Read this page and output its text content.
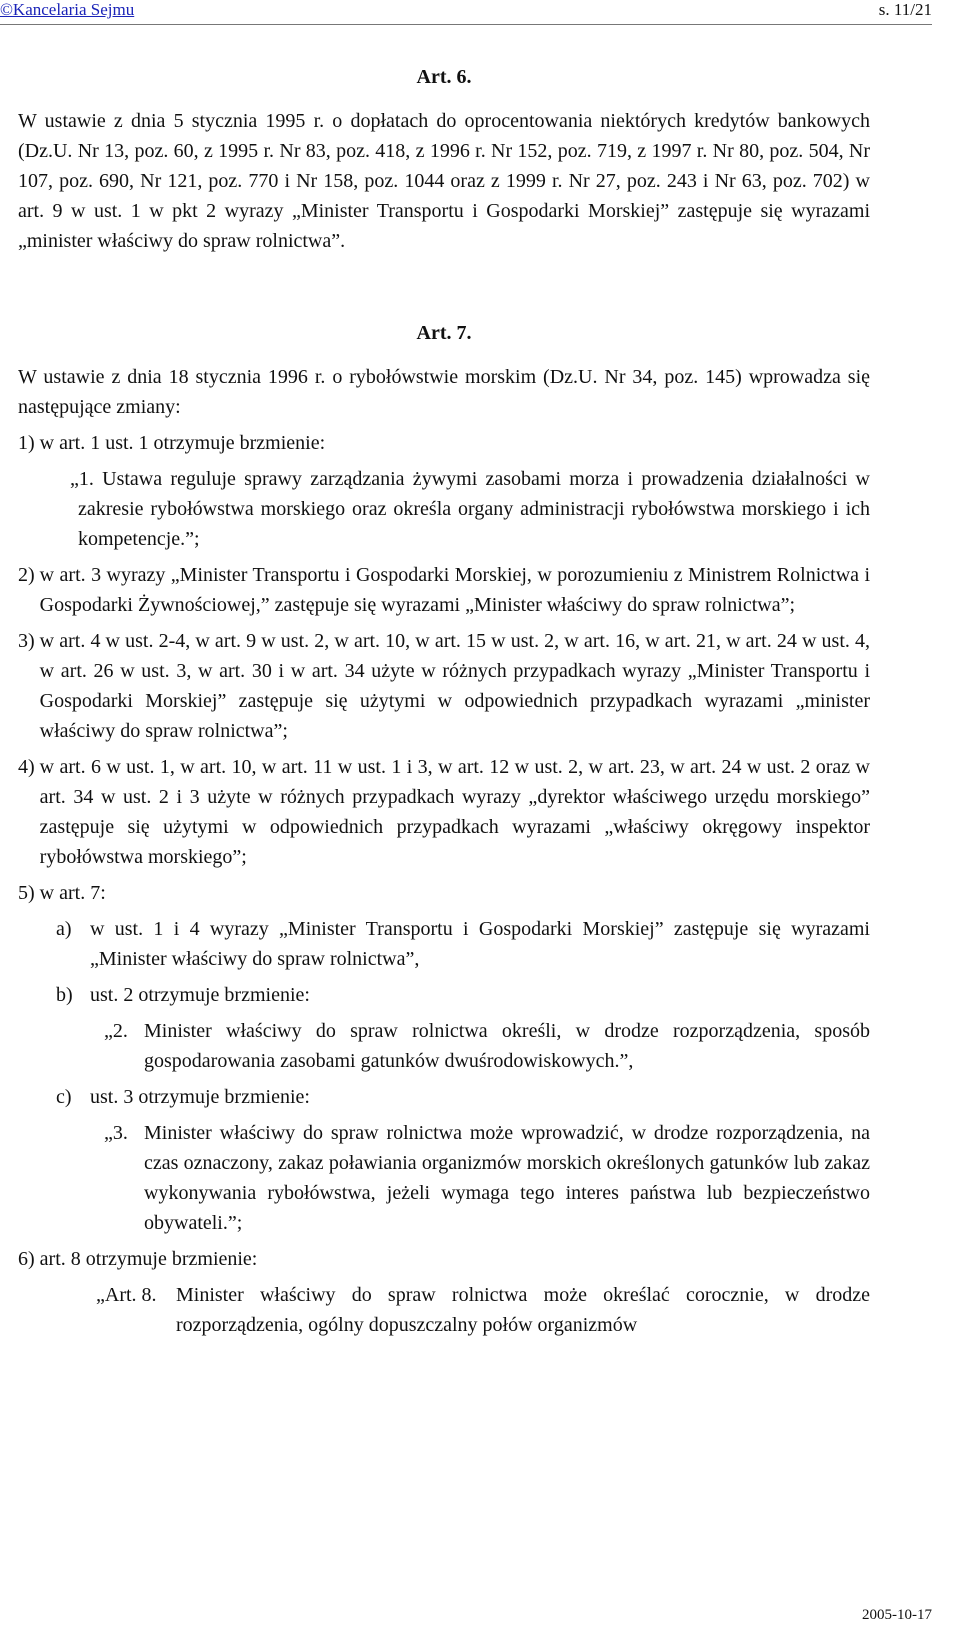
©Kancelaria Sejmu	s. 11/21
Art. 6.

W ustawie z dnia 5 stycznia 1995 r. o dopłatach do oprocentowania niektórych kredytów bankowych (Dz.U. Nr 13, poz. 60, z 1995 r. Nr 83, poz. 418, z 1996 r. Nr 152, poz. 719, z 1997 r. Nr 80, poz. 504, Nr 107, poz. 690, Nr 121, poz. 770 i Nr 158, poz. 1044 oraz z 1999 r. Nr 27, poz. 243 i Nr 63, poz. 702) w art. 9 w ust. 1 w pkt 2 wyrazy „Minister Transportu i Gospodarki Morskiej” zastępuje się wyrazami „minister właściwy do spraw rolnictwa”.

Art. 7.

W ustawie z dnia 18 stycznia 1996 r. o rybołówstwie morskim (Dz.U. Nr 34, poz. 145) wprowadza się następujące zmiany:

1) w art. 1 ust. 1 otrzymuje brzmienie:

„1. Ustawa reguluje sprawy zarządzania żywymi zasobami morza i prowadzenia działalności w zakresie rybołówstwa morskiego oraz określa organy administracji rybołówstwa morskiego i ich kompetencje.”;

2) w art. 3 wyrazy „Minister Transportu i Gospodarki Morskiej, w porozumieniu z Ministrem Rolnictwa i Gospodarki Żywnościowej,” zastępuje się wyrazami „Minister właściwy do spraw rolnictwa”;
3) w art. 4 w ust. 2-4, w art. 9 w ust. 2, w art. 10, w art. 15 w ust. 2, w art. 16, w art. 21, w art. 24 w ust. 4, w art. 26 w ust. 3, w art. 30 i w art. 34 użyte w różnych przypadkach wyrazy „Minister Transportu i Gospodarki Morskiej” zastępuje się użytymi w odpowiednich przypadkach wyrazami „minister właściwy do spraw rolnictwa”;
4) w art. 6 w ust. 1, w art. 10, w art. 11 w ust. 1 i 3, w art. 12 w ust. 2, w art. 23, w art. 24 w ust. 2 oraz w art. 34 w ust. 2 i 3 użyte w różnych przypadkach wyrazy „dyrektor właściwego urzędu morskiego” zastępuje się użytymi w odpowiednich przypadkach wyrazami „właściwy okręgowy inspektor rybołówstwa morskiego”;
5) w art. 7:
a) w ust. 1 i 4 wyrazy „Minister Transportu i Gospodarki Morskiej” zastępuje się wyrazami „Minister właściwy do spraw rolnictwa”,
b) ust. 2 otrzymuje brzmienie:
„2. Minister właściwy do spraw rolnictwa określi, w drodze rozporządzenia, sposób gospodarowania zasobami gatunków dwuśrodowiskowych.”,
c) ust. 3 otrzymuje brzmienie:
„3. Minister właściwy do spraw rolnictwa może wprowadzić, w drodze rozporządzenia, na czas oznaczony, zakaz poławiania organizmów morskich określonych gatunków lub zakaz wykonywania rybołówstwa, jeżeli wymaga tego interes państwa lub bezpieczeństwo obywateli.”;
6) art. 8 otrzymuje brzmienie:
„Art. 8. Minister właściwy do spraw rolnictwa może określać corocznie, w drodze rozporządzenia, ogólny dopuszczalny połów organizmów
2005-10-17
